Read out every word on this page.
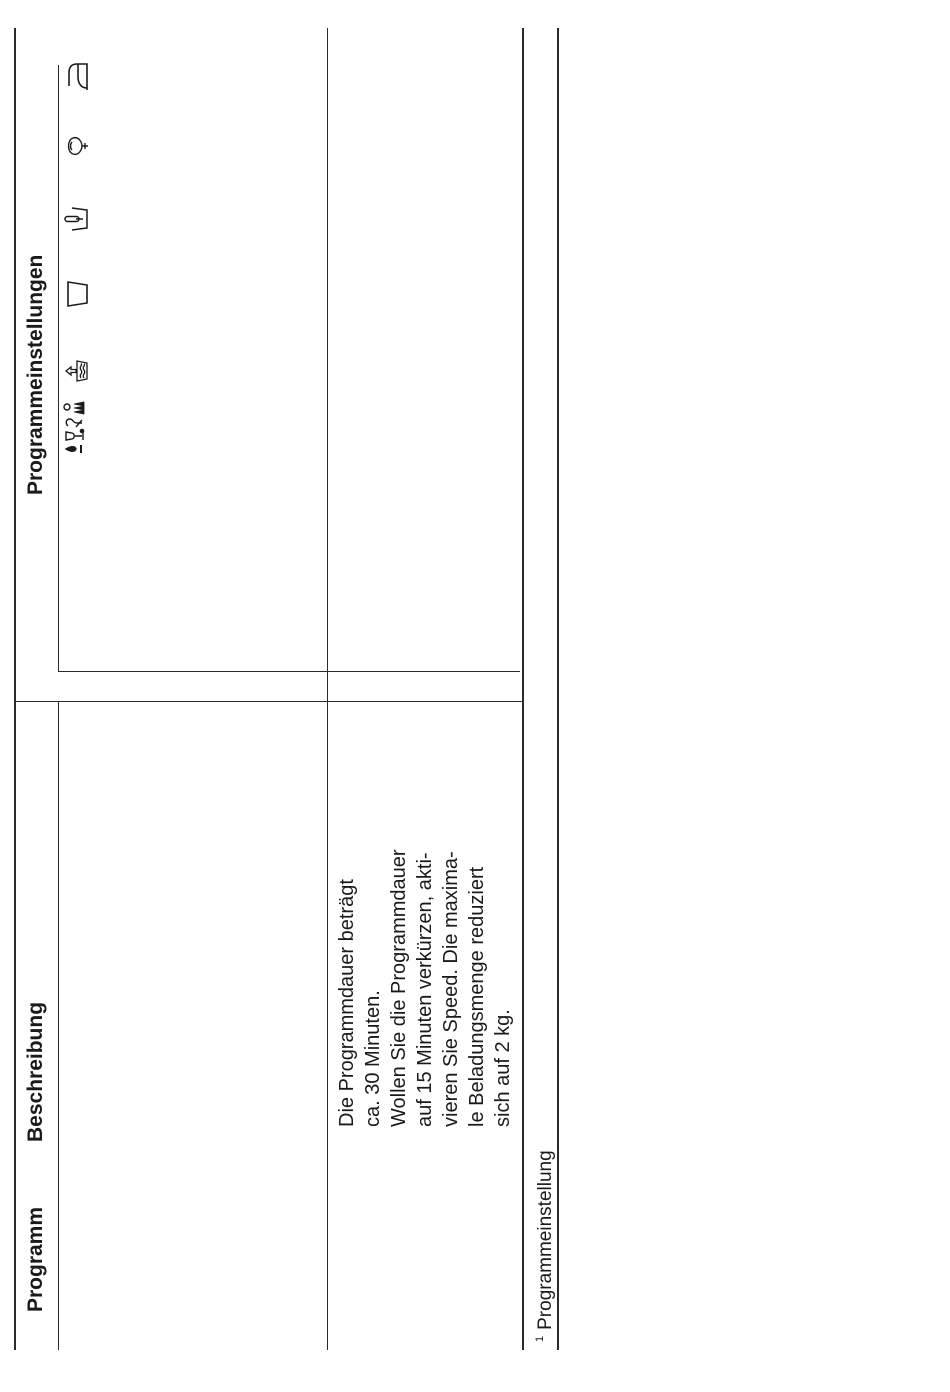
Programm
Beschreibung
Programmeinstellungen
Die Programmdauer beträgt ca. 30 Minuten. Wollen Sie die Programmdauer auf 15 Minuten verkürzen, akti- vieren Sie Speed. Die maxima- le Beladungsmenge reduziert sich auf 2 kg.
$^1$Programmeinstellung
